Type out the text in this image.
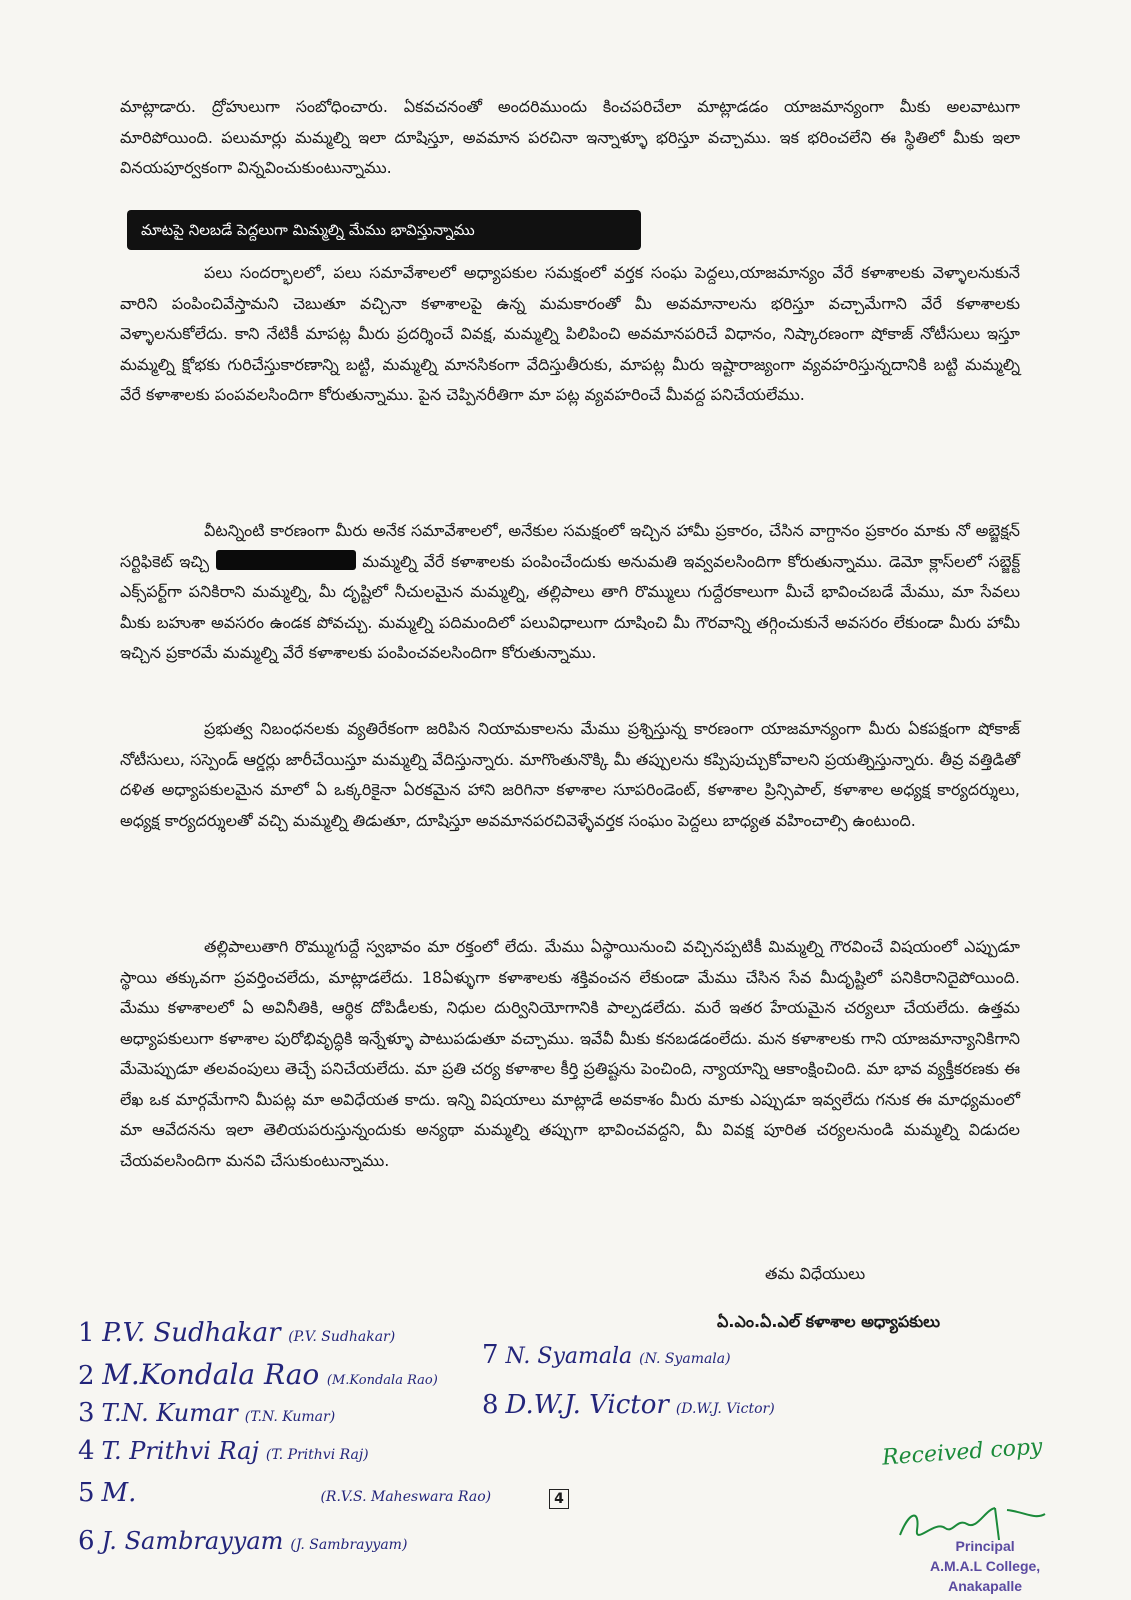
మాట్లాడారు. ద్రోహులుగా సంబోధించారు. ఏకవచనంతో అందరిముందు కించపరిచేలా మాట్లాడడం యాజమాన్యంగా మీకు అలవాటుగా మారిపోయింది. పలుమార్లు మమ్మల్ని ఇలా దూషిస్తూ, అవమాన పరచినా ఇన్నాళ్ళూ భరిస్తూ వచ్చాము. ఇక భరించలేని ఈ స్థితిలో మీకు ఇలా వినయపూర్వకంగా విన్నవించుకుంటున్నాము.
మాటపై నిలబడే పెద్దలుగా మిమ్మల్ని మేము భావిస్తున్నాము
పలు సందర్భాలలో, పలు సమావేశాలలో అధ్యాపకుల సమక్షంలో వర్తక సంఘ పెద్దలు,యాజమాన్యం వేరే కళాశాలకు వెళ్ళాలనుకునే వారిని పంపించివేస్తామని చెబుతూ వచ్చినా కళాశాలపై ఉన్న మమకారంతో మీ అవమానాలను భరిస్తూ వచ్చామేగాని వేరే కళాశాలకు వెళ్ళాలనుకోలేదు. కాని నేటికీ మాపట్ల మీరు ప్రదర్శించే వివక్ష, మమ్మల్ని పిలిపించి అవమానపరిచే విధానం, నిష్కారణంగా షోకాజ్ నోటీసులు ఇస్తూ మమ్మల్ని క్షోభకు గురిచేస్తుకారణాన్ని బట్టి, మమ్మల్ని మానసికంగా వేదిస్తుతీరుకు, మాపట్ల మీరు ఇష్టారాజ్యంగా వ్యవహరిస్తున్నదానికి బట్టి మమ్మల్ని వేరే కళాశాలకు పంపవలసిందిగా కోరుతున్నాము. పైన చెప్పినరీతిగా మా పట్ల వ్యవహరించే మీవద్ద పనిచేయలేము.
వీటన్నింటి కారణంగా మీరు అనేక సమావేశాలలో, అనేకుల సమక్షంలో ఇచ్చిన హామీ ప్రకారం, చేసిన వాగ్దానం ప్రకారం మాకు నో అబ్జెక్షన్ సర్టిఫికెట్ ఇచ్చి	మమ్మల్ని వేరే కళాశాలకు పంపించేందుకు అనుమతి ఇవ్వవలసిందిగా కోరుతున్నాము. డెమో క్లాస్‌లలో సబ్జెక్ట్ ఎక్స్‌పర్ట్‌గా పనికిరాని మమ్మల్ని, మీ దృష్టిలో నీచులమైన మమ్మల్ని, తల్లిపాలు తాగి రొమ్ములు గుద్దేరకాలుగా మీచే భావించబడే మేము, మా సేవలు మీకు బహుశా అవసరం ఉండక పోవచ్చు. మమ్మల్ని పదిమందిలో పలువిధాలుగా దూషించి మీ గౌరవాన్ని తగ్గించుకునే అవసరం లేకుండా మీరు హామీ ఇచ్చిన ప్రకారమే మమ్మల్ని వేరే కళాశాలకు పంపించవలసిందిగా కోరుతున్నాము.
ప్రభుత్వ నిబంధనలకు వ్యతిరేకంగా జరిపిన నియామకాలను మేము ప్రశ్నిస్తున్న కారణంగా యాజమాన్యంగా మీరు ఏకపక్షంగా షోకాజ్ నోటీసులు, సస్పెండ్ ఆర్డర్లు జారీచేయిస్తూ మమ్మల్ని వేదిస్తున్నారు. మాగొంతునొక్కి మీ తప్పులను కప్పిపుచ్చుకోవాలని ప్రయత్నిస్తున్నారు. తీవ్ర వత్తిడితో దళిత అధ్యాపకులమైన మాలో ఏ ఒక్కరికైనా ఏరకమైన హాని జరిగినా కళాశాల సూపరిండెంట్, కళాశాల ప్రిన్సిపాల్, కళాశాల అధ్యక్ష కార్యదర్శులు, అధ్యక్ష కార్యదర్శులతో వచ్చి మమ్మల్ని తిడుతూ, దూషిస్తూ అవమానపరచివెళ్ళేవర్తక సంఘం పెద్దలు బాధ్యత వహించాల్సి ఉంటుంది.
తల్లిపాలుతాగి రొమ్ముగుద్దే స్వభావం మా రక్తంలో లేదు. మేము ఏస్థాయినుంచి వచ్చినప్పటికీ మిమ్మల్ని గౌరవించే విషయంలో ఎప్పుడూ స్థాయి తక్కువగా ప్రవర్తించలేదు, మాట్లాడలేదు. 18ఏళ్ళుగా కళాశాలకు శక్తివంచన లేకుండా మేము చేసిన సేవ మీదృష్టిలో పనికిరానిదైపోయింది. మేము కళాశాలలో ఏ అవినీతికి, ఆర్థిక దోపిడీలకు, నిధుల దుర్వినియోగానికి పాల్పడలేదు. మరే ఇతర హేయమైన చర్యలూ చేయలేదు. ఉత్తమ అధ్యాపకులుగా కళాశాల పురోభివృద్ధికి ఇన్నేళ్ళూ పాటుపడుతూ వచ్చాము. ఇవేవీ మీకు కనబడడంలేదు. మన కళాశాలకు గాని యాజమాన్యానికిగాని మేమెప్పుడూ తలవంపులు తెచ్చే పనిచేయలేదు. మా ప్రతి చర్య కళాశాల కీర్తి ప్రతిష్టను పెంచింది, న్యాయాన్ని ఆకాంక్షించింది. మా భావ వ్యక్తీకరణకు ఈ లేఖ ఒక మార్గమేగాని మీపట్ల మా అవిధేయత కాదు. ఇన్ని విషయాలు మాట్లాడే అవకాశం మీరు మాకు ఎప్పుడూ ఇవ్వలేదు గనుక ఈ మాధ్యమంలో మా ఆవేదనను ఇలా తెలియపరుస్తున్నందుకు అన్యథా మమ్మల్ని తప్పుగా భావించవద్దని, మీ వివక్ష పూరిత చర్యలనుండి మమ్మల్ని విడుదల చేయవలసిందిగా మనవి చేసుకుంటున్నాము.
తమ విధేయులు
ఏ.ఎం.ఏ.ఎల్ కళాశాల అధ్యాపకులు
1 P.V. Sudhakar (P.V. Sudhakar)
2 M.Kondala Rao (M.Kondala Rao)
3 T.N. Kumar (T.N. Kumar)
4 T. Prithvi Raj (T. Prithvi Raj)
5 M.	(R.V.S. Maheswara Rao)
6 J. Sambrayyam (J. Sambrayyam)
7 N. Syamala (N. Syamala)
8 D.W.J. Victor (D.W.J. Victor)
4
Received copy
Principal
A.M.A.L College,
Anakapalle
